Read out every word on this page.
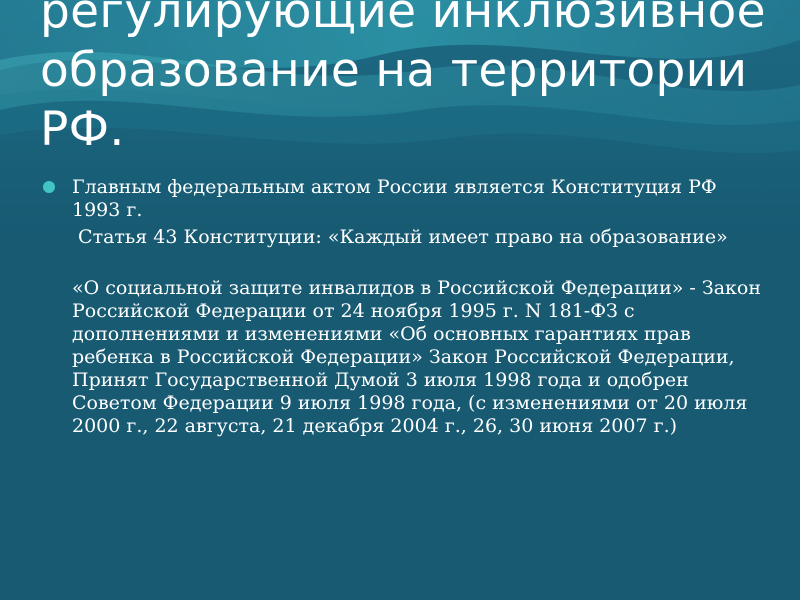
регулирующие инклюзивное
образование на территории
РФ.
Главным федеральным актом России является Конституция РФ 1993 г.
Статья 43 Конституции: «Каждый имеет право на образование»
«О социальной защите инвалидов в Российской Федерации» - Закон Российской Федерации от 24 ноября 1995 г. N 181-ФЗ с дополнениями и изменениями «Об основных гарантиях прав ребенка в Российской Федерации» Закон Российской Федерации, Принят Государственной Думой 3 июля 1998 года и одобрен Советом Федерации 9 июля 1998 года, (с изменениями от 20 июля 2000 г., 22 августа, 21 декабря 2004 г., 26, 30 июня 2007 г.)
